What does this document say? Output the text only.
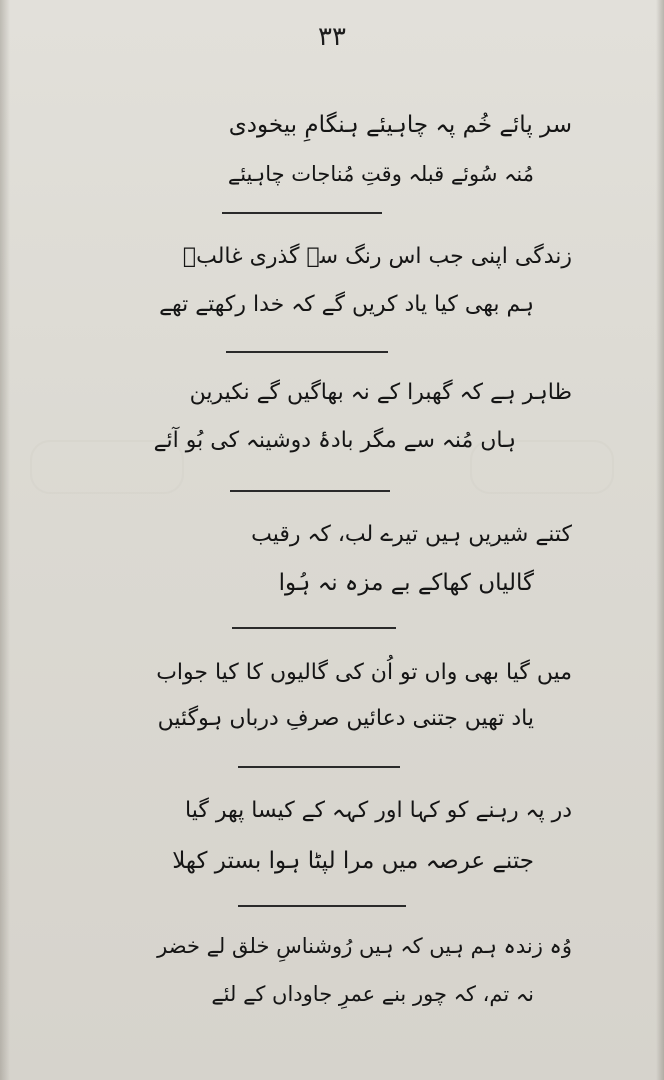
۳۳
سر پائے خُم پہ چاہیئے ہنگامِ بیخودی
مُنہ سُوئے قبلہ وقتِ مُناجات چاہیئے
زندگی اپنی جب اس رنگ سے گذری غالبؔ
ہم بھی کیا یاد کریں گے کہ خدا رکھتے تھے
ظاہر ہے کہ گھبرا کے نہ بھاگیں گے نکیرین
ہاں مُنہ سے مگر بادۂ دوشینہ کی بُو آئے
کتنے شیریں ہیں تیرے لب، کہ رقیب
گالیاں کھاکے بے مزہ نہ ہُوا
میں گیا بھی واں تو اُن کی گالیوں کا کیا جواب
یاد تھیں جتنی دعائیں صرفِ درباں ہوگئیں
در پہ رہنے کو کہا اور کہہ کے کیسا پھر گیا
جتنے عرصہ میں مرا لپٹا ہوا بستر کھلا
وُہ زندہ ہم ہیں کہ ہیں رُوشناسِ خلق لے خضر
نہ تم، کہ چور بنے عمرِ جاوداں کے لئے
